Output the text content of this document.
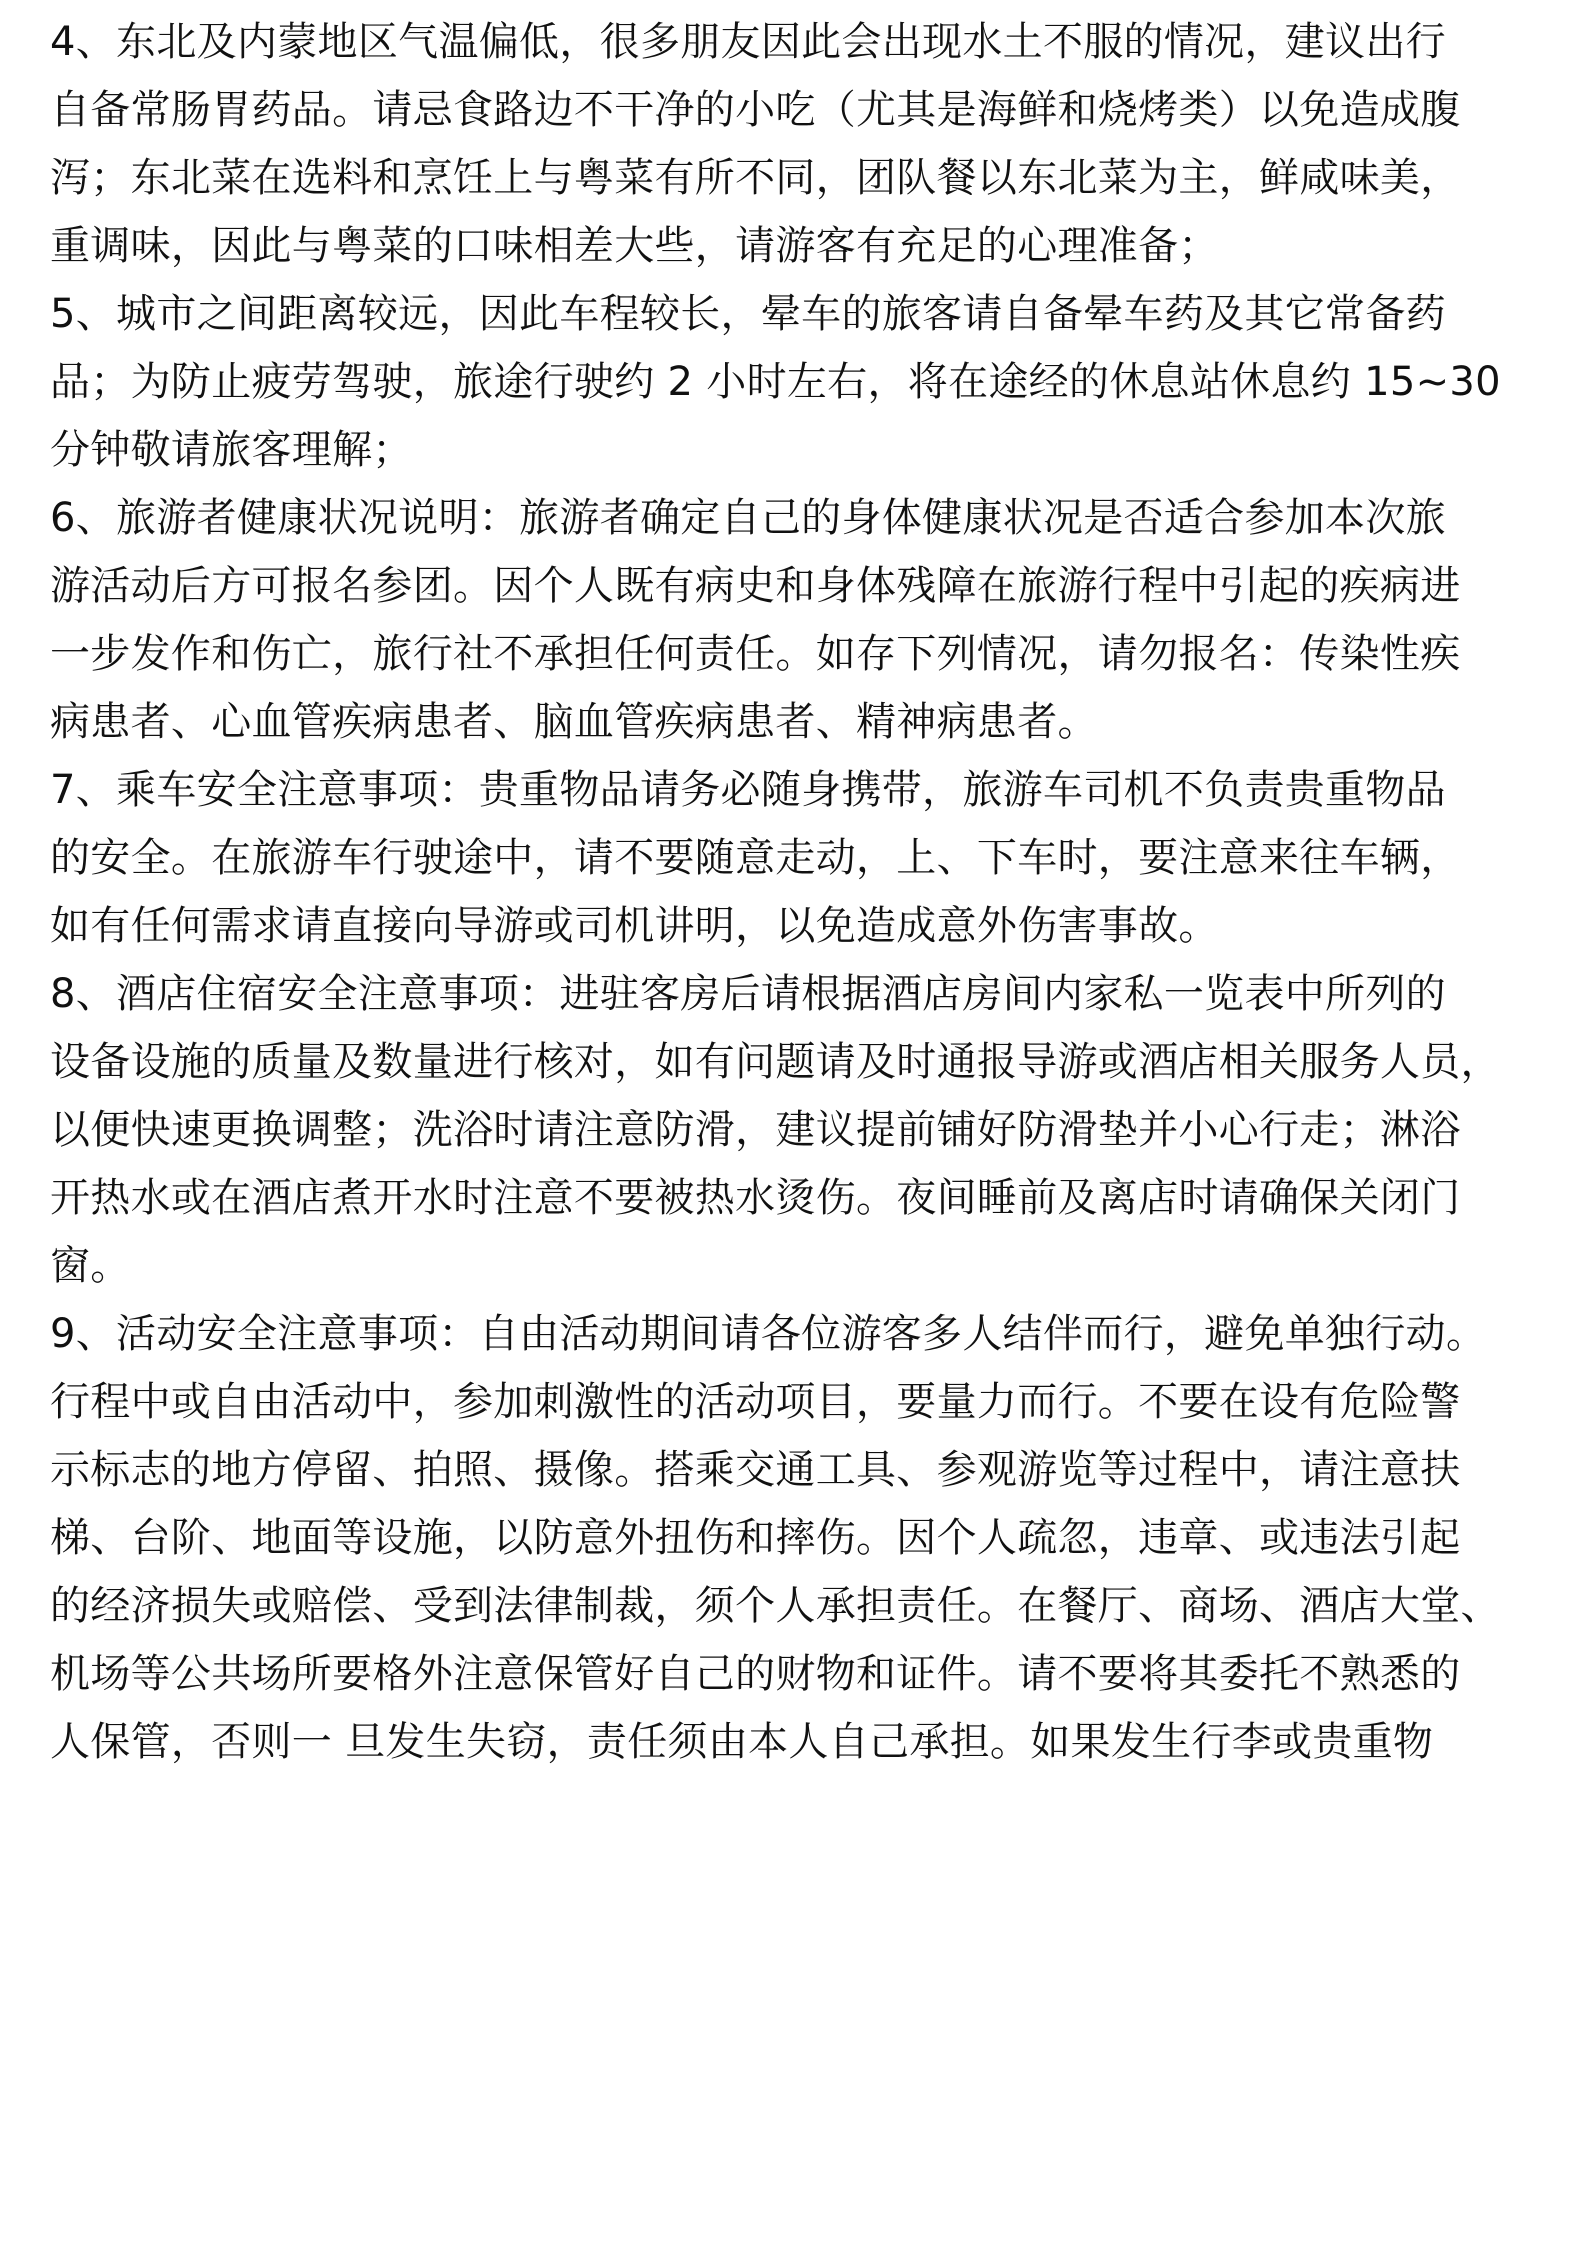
4、东北及内蒙地区气温偏低，很多朋友因此会出现水土不服的情况，建议出行
自备常肠胃药品。请忌食路边不干净的小吃（尤其是海鲜和烧烤类）以免造成腹
泻；东北菜在选料和烹饪上与粤菜有所不同，团队餐以东北菜为主，鲜咸味美，
重调味，因此与粤菜的口味相差大些，请游客有充足的心理准备；
5、城市之间距离较远，因此车程较长，晕车的旅客请自备晕车药及其它常备药
品；为防止疲劳驾驶，旅途行驶约 2 小时左右，将在途经的休息站休息约 15~30
分钟敬请旅客理解；
6、旅游者健康状况说明：旅游者确定自己的身体健康状况是否适合参加本次旅
游活动后方可报名参团。因个人既有病史和身体残障在旅游行程中引起的疾病进
一步发作和伤亡，旅行社不承担任何责任。如存下列情况，请勿报名：传染性疾
病患者、心血管疾病患者、脑血管疾病患者、精神病患者。
7、乘车安全注意事项：贵重物品请务必随身携带，旅游车司机不负责贵重物品
的安全。在旅游车行驶途中，请不要随意走动，上、下车时，要注意来往车辆，
如有任何需求请直接向导游或司机讲明，以免造成意外伤害事故。
8、酒店住宿安全注意事项：进驻客房后请根据酒店房间内家私一览表中所列的
设备设施的质量及数量进行核对，如有问题请及时通报导游或酒店相关服务人员，
以便快速更换调整；洗浴时请注意防滑，建议提前铺好防滑垫并小心行走；淋浴
开热水或在酒店煮开水时注意不要被热水烫伤。夜间睡前及离店时请确保关闭门
窗。
9、活动安全注意事项：自由活动期间请各位游客多人结伴而行，避免单独行动。
行程中或自由活动中，参加刺激性的活动项目，要量力而行。不要在设有危险警
示标志的地方停留、拍照、摄像。搭乘交通工具、参观游览等过程中，请注意扶
梯、台阶、地面等设施，以防意外扭伤和摔伤。因个人疏忽，违章、或违法引起
的经济损失或赔偿、受到法律制裁，须个人承担责任。在餐厅、商场、酒店大堂、
机场等公共场所要格外注意保管好自己的财物和证件。请不要将其委托不熟悉的
人保管，否则一 旦发生失窃，责任须由本人自己承担。如果发生行李或贵重物
